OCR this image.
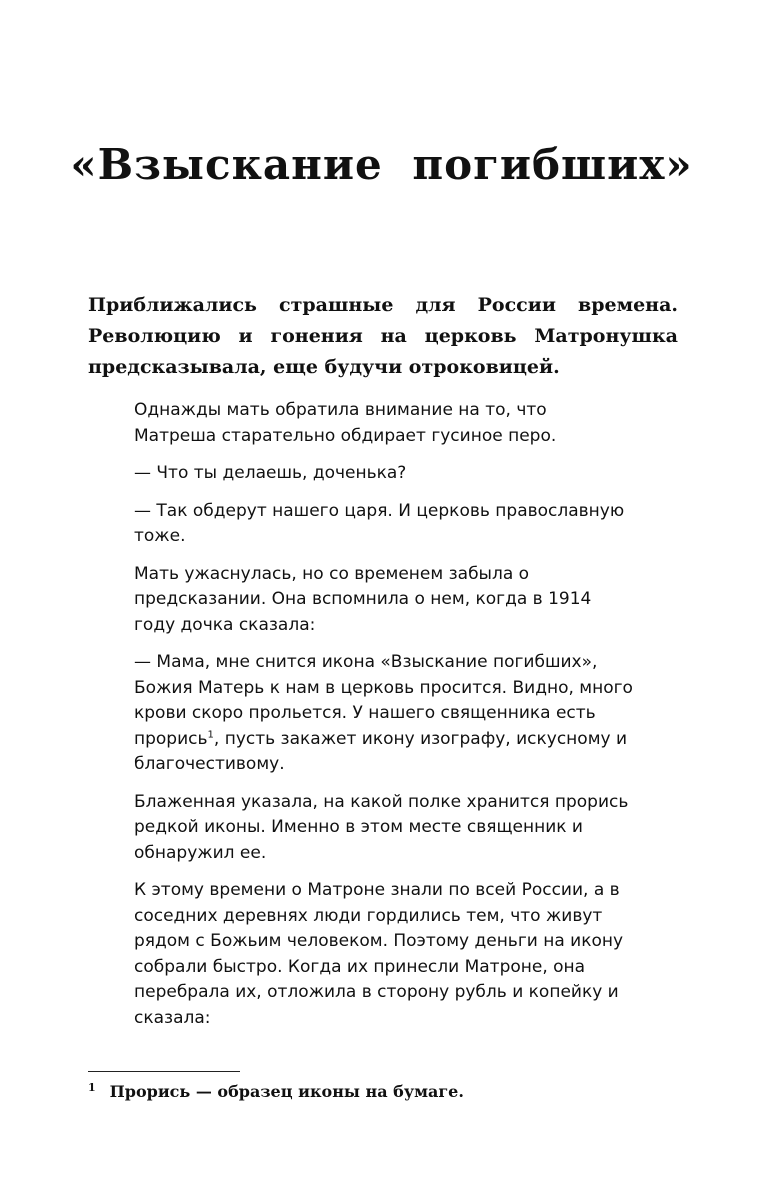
«Взыскание погибших»

Приближались страшные для России времена. Революцию и гонения на церковь Матронушка предсказывала, еще будучи отроковицей.

Однажды мать обратила внимание на то, что Матреша старательно обдирает гусиное перо.

— Что ты делаешь, доченька?

— Так обдерут нашего царя. И церковь православную тоже.

Мать ужаснулась, но со временем забыла о предсказании. Она вспомнила о нем, когда в 1914 году дочка сказала:

— Мама, мне снится икона «Взыскание погибших», Божия Матерь к нам в церковь просится. Видно, много крови скоро прольется. У нашего священника есть прорись$^1$, пусть закажет икону изографу, искусному и благочестивому.

Блаженная указала, на какой полке хранится прорись редкой иконы. Именно в этом месте священник и обнаружил ее.

К этому времени о Матроне знали по всей России, а в соседних деревнях люди гордились тем, что живут рядом с Божьим человеком. Поэтому деньги на икону собрали быстро. Когда их принесли Матроне, она перебрала их, отложила в сторону рубль и копейку и сказала:

$^1$ Прорись — образец иконы на бумаге.
